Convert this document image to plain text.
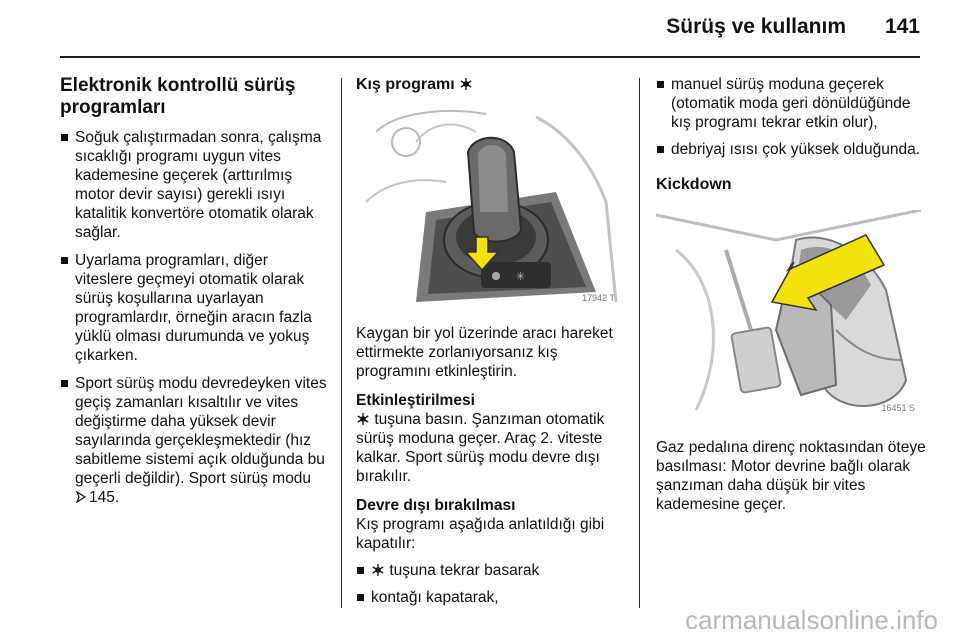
Sürüş ve kullanım 141
Elektronik kontrollü sürüş programları
Soğuk çalıştırmadan sonra, çalışma sıcaklığı programı uygun vites kademesine geçerek (arttırılmış motor devir sayısı) gerekli ısıyı katalitik konvertöre otomatik olarak sağlar.
Uyarlama programları, diğer viteslere geçmeyi otomatik olarak sürüş koşullarına uyarlayan programlardır, örneğin aracın fazla yüklü olması durumunda ve yokuş çıkarken.
Sport sürüş modu devredeyken vites geçiş zamanları kısaltılır ve vites değiştirme daha yüksek devir sayılarında gerçekleşmektedir (hız sabitleme sistemi açık olduğunda bu geçerli değildir). Sport sürüş modu 145.
Kış programı
✳
17942 T

Kaygan bir yol üzerinde aracı hareket ettirmekte zorlanıyorsanız kış programını etkinleştirin.

Etkinleştirilmesi

tuşuna basın. Şanzıman otomatik sürüş moduna geçer. Araç 2. viteste kalkar. Sport sürüş modu devre dışı bırakılır.

Devre dışı bırakılması

Kış programı aşağıda anlatıldığı gibi kapatılır:

tuşuna tekrar basarak
kontağı kapatarak,
manuel sürüş moduna geçerek (otomatik moda geri dönüldüğünde kış programı tekrar etkin olur),
debriyaj ısısı çok yüksek olduğunda.
Kickdown
16451 S

Gaz pedalına direnç noktasından öteye basılması: Motor devrine bağlı olarak şanzıman daha düşük bir vites kademesine geçer.

carmanualsonline.info
